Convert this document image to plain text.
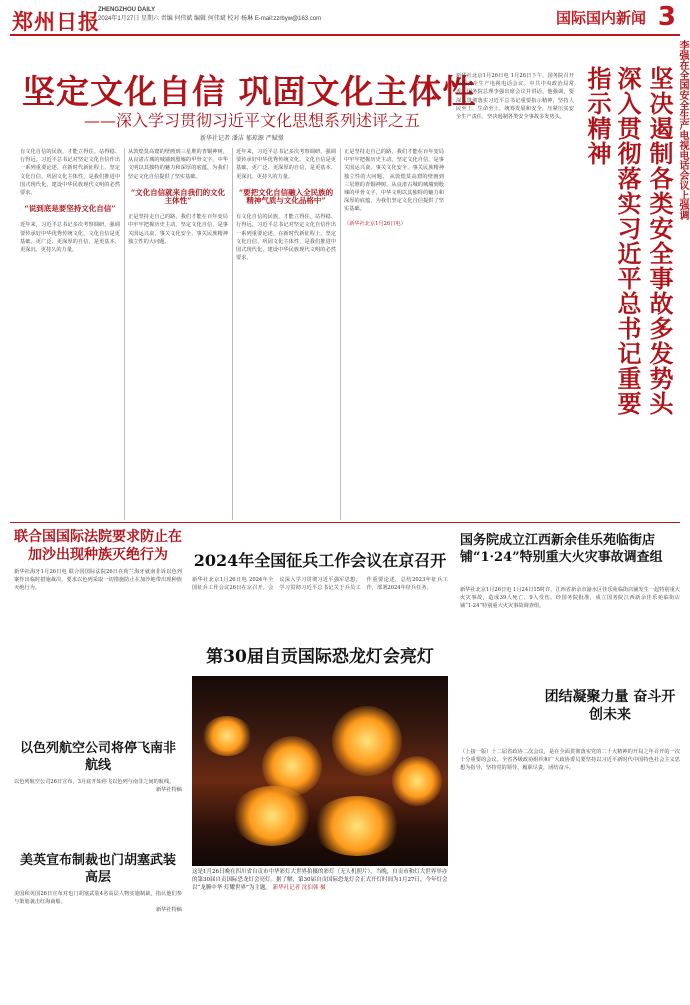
郑州日报
ZHENGZHOU DAILY
2024年1月27日 星期六 责编 何伟斌 编辑 何伟斌 校对 杨琳 E-mail:zzrbyw@163.com	国际国内新闻 3
坚定文化自信 巩固文化主体性
——深入学习贯彻习近平文化思想系列述评之五
新华社记者 潘洁 郁琼源 严赋憬
有文化自信的民族，才能立得住、站得稳、行得远。习近平总书记对坚定文化自信作出一系列重要论述。在新时代新征程上，坚定文化自信、巩固文化主体性，是我们推进中国式现代化、建设中华民族现代文明的必然要求。
“说到底是要坚持文化自信”
近年来，习近平总书记多次考察调研，强调要传承好中华优秀传统文化。文化自信是更基础、更广泛、更深厚的自信，是更基本、更深沉、更持久的力量。
从敦煌莫高窟的壁画到三星堆的青铜神树，从良渚古城的城墙到殷墟的甲骨文字，中华文明以其独特的魅力和深厚的底蕴，为我们坚定文化自信提供了坚实基础。
“文化自信就来自我们的文化主体性”
正是坚持走自己的路，我们才能在百年变局中牢牢把握历史主动。坚定文化自信，是事关国运兴衰、事关文化安全、事关民族精神独立性的大问题。
近年来，习近平总书记多次考察调研，强调要传承好中华优秀传统文化。文化自信是更基础、更广泛、更深厚的自信，是更基本、更深沉、更持久的力量。
“要把文化自信融入全民族的精神气质与文化品格中”
有文化自信的民族，才能立得住、站得稳、行得远。习近平总书记对坚定文化自信作出一系列重要论述。在新时代新征程上，坚定文化自信、巩固文化主体性，是我们推进中国式现代化、建设中华民族现代文明的必然要求。
正是坚持走自己的路，我们才能在百年变局中牢牢把握历史主动。坚定文化自信，是事关国运兴衰、事关文化安全、事关民族精神独立性的大问题。 从敦煌莫高窟的壁画到三星堆的青铜神树，从良渚古城的城墙到殷墟的甲骨文字，中华文明以其独特的魅力和深厚的底蕴，为我们坚定文化自信提供了坚实基础。
（新华社北京1月26日电）	深入贯彻落实习近平总书记重要指示精神	坚决遏制各类安全事故多发势头 李强在全国安全生产电视电话会议上强调
新华社北京1月26日电 1月26日下午，国务院召开全国安全生产电视电话会议。中共中央政治局常委、国务院总理李强出席会议并讲话。他强调，要深入贯彻落实习近平总书记重要指示精神，坚持人民至上、生命至上，统筹发展和安全，压紧压实安全生产责任，坚决遏制各类安全事故多发势头。
联合国国际法院要求防止在加沙出现种族灭绝行为
新华社海牙1月26日电 联合国国际法院26日在荷兰海牙就南非诉以色列案作出临时措施裁决，要求以色列采取一切措施防止在加沙地带出现种族灭绝行为。
2024年全国征兵工作会议在京召开
新华社北京1月26日电 2024年全国征兵工作会议26日在京召开。会议深入学习贯彻习近平强军思想，学习贯彻习近平总书记关于兵员工作重要论述，总结2023年征兵工作，部署2024年征兵任务。
国务院成立江西新余佳乐苑临街店铺“1·24”特别重大火灾事故调查组
新华社北京1月26日电 1月24日15时许，江西省新余市渝水区佳乐苑临街店铺发生一起特别重大火灾事故，造成39人死亡、9人受伤。经国务院批准，成立国务院江西新余佳乐苑临街店铺“1·24”特别重大火灾事故调查组。
第30届自贡国际恐龙灯会亮灯
这是1月26日晚在四川省自贡市中华彩灯大世界拍摄的彩灯（无人机照片）。当晚，自贡市和灯大世界举办的第30届自贡国际恐龙灯会亮灯。据了解，第30届自贡国际恐龙灯会正式开灯时间为1月27日，今年灯会以“龙腾中华 灯耀世界”为主题。 新华社记者 沈伯韩 摄
以色列航空公司将停飞南非航线
以色列航空公司26日宣布，3月底开始停飞以色列与南非之间的航线。
新华社特稿
美英宣布制裁也门胡塞武装高层
美国和英国26日宣布对也门胡塞武装4名高层人物实施制裁，指认他们参与策划袭击红海商船。
新华社特稿
团结凝聚力量 奋斗开创未来
（上接一版）十二届省政协二次会议，是在全面贯彻落实党的二十大精神的开局之年召开的一次十分重要的会议。全省各级政协组织和广大政协委员要坚持以习近平新时代中国特色社会主义思想为指导，坚持党的领导，履职尽责，团结奋斗。
